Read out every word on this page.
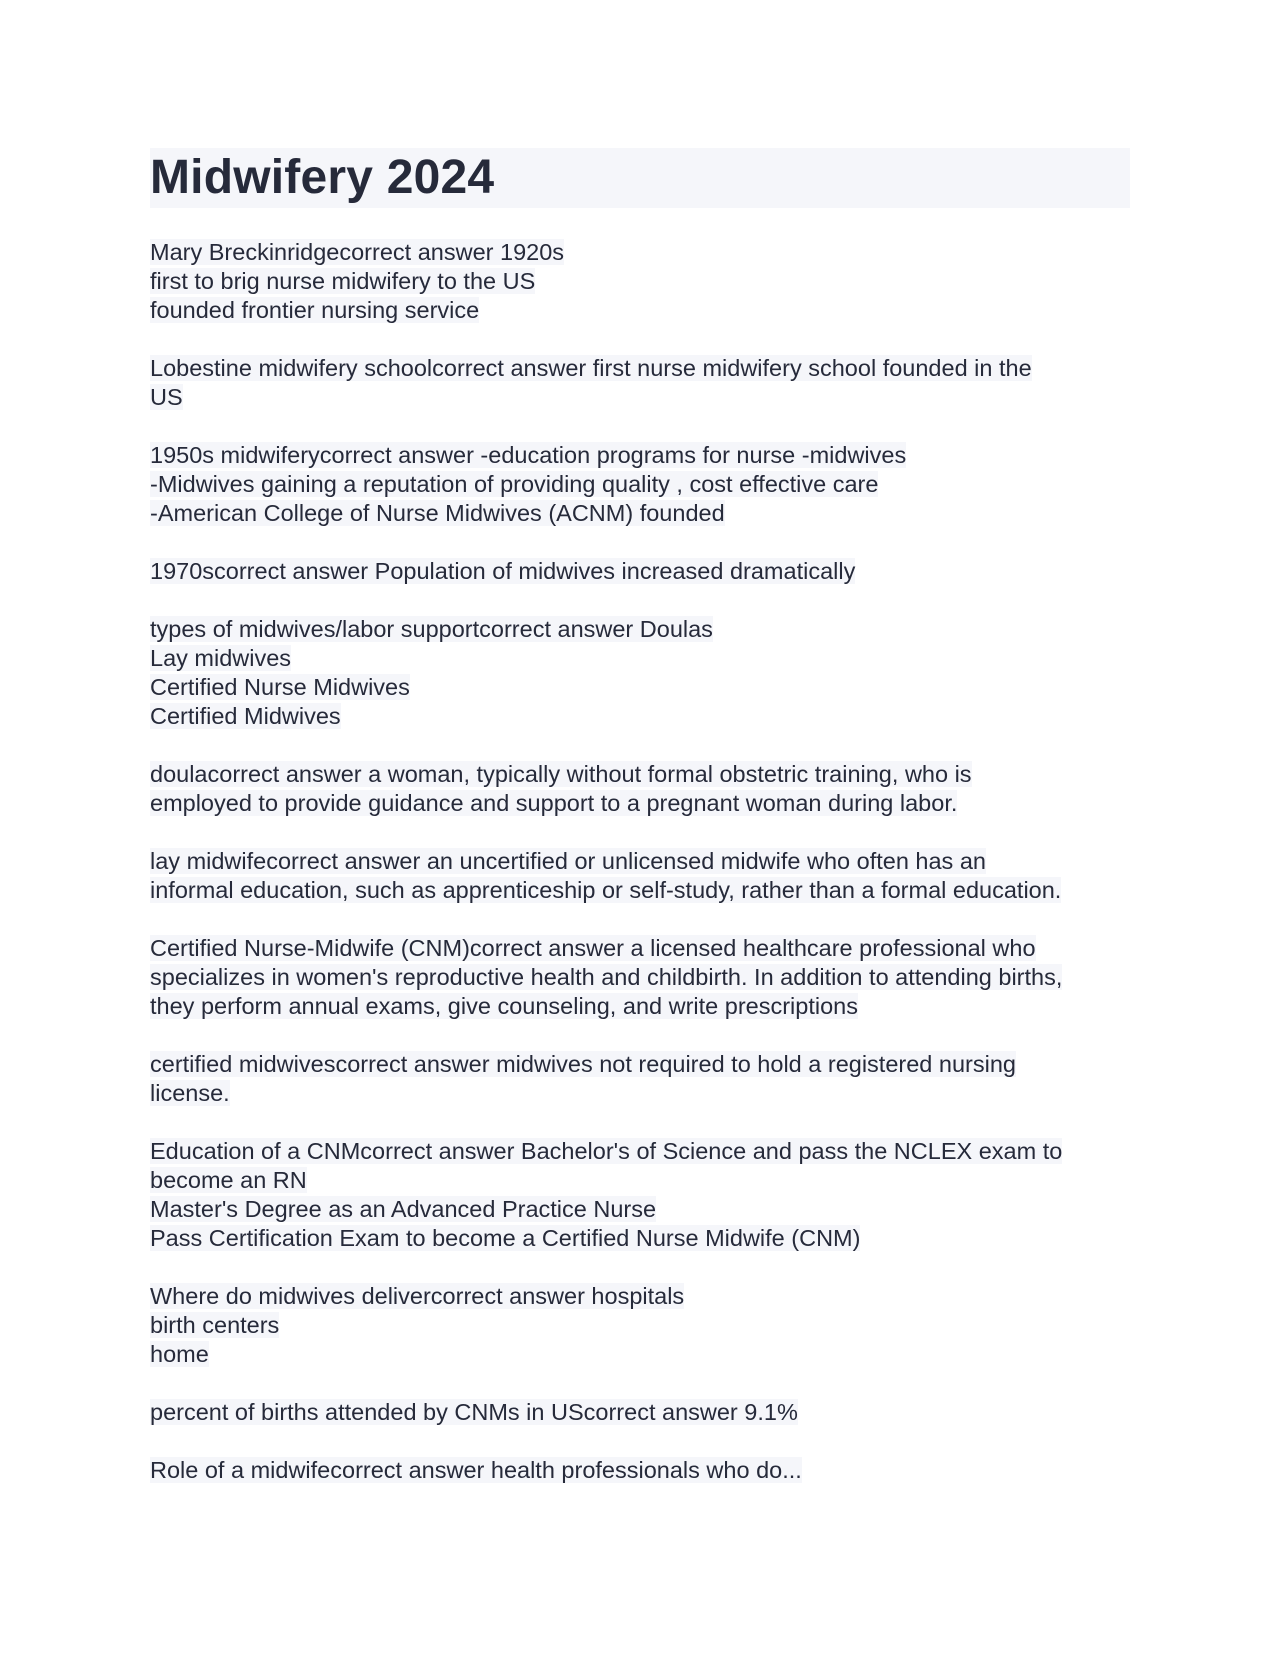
Midwifery 2024
Mary Breckinridgecorrect answer 1920s
first to brig nurse midwifery to the US
founded frontier nursing service
Lobestine midwifery schoolcorrect answer first nurse midwifery school founded in the
US
1950s midwiferycorrect answer -education programs for nurse -midwives
-Midwives gaining a reputation of providing quality , cost effective care
-American College of Nurse Midwives (ACNM) founded
1970scorrect answer Population of midwives increased dramatically
types of midwives/labor supportcorrect answer Doulas
Lay midwives
Certified Nurse Midwives
Certified Midwives
doulacorrect answer a woman, typically without formal obstetric training, who is
employed to provide guidance and support to a pregnant woman during labor.
lay midwifecorrect answer an uncertified or unlicensed midwife who often has an
informal education, such as apprenticeship or self-study, rather than a formal education.
Certified Nurse-Midwife (CNM)correct answer a licensed healthcare professional who
specializes in women's reproductive health and childbirth. In addition to attending births,
they perform annual exams, give counseling, and write prescriptions
certified midwivescorrect answer midwives not required to hold a registered nursing
license.
Education of a CNMcorrect answer Bachelor's of Science and pass the NCLEX exam to
become an RN
Master's Degree as an Advanced Practice Nurse
Pass Certification Exam to become a Certified Nurse Midwife (CNM)
Where do midwives delivercorrect answer hospitals
birth centers
home
percent of births attended by CNMs in UScorrect answer 9.1%
Role of a midwifecorrect answer health professionals who do...
